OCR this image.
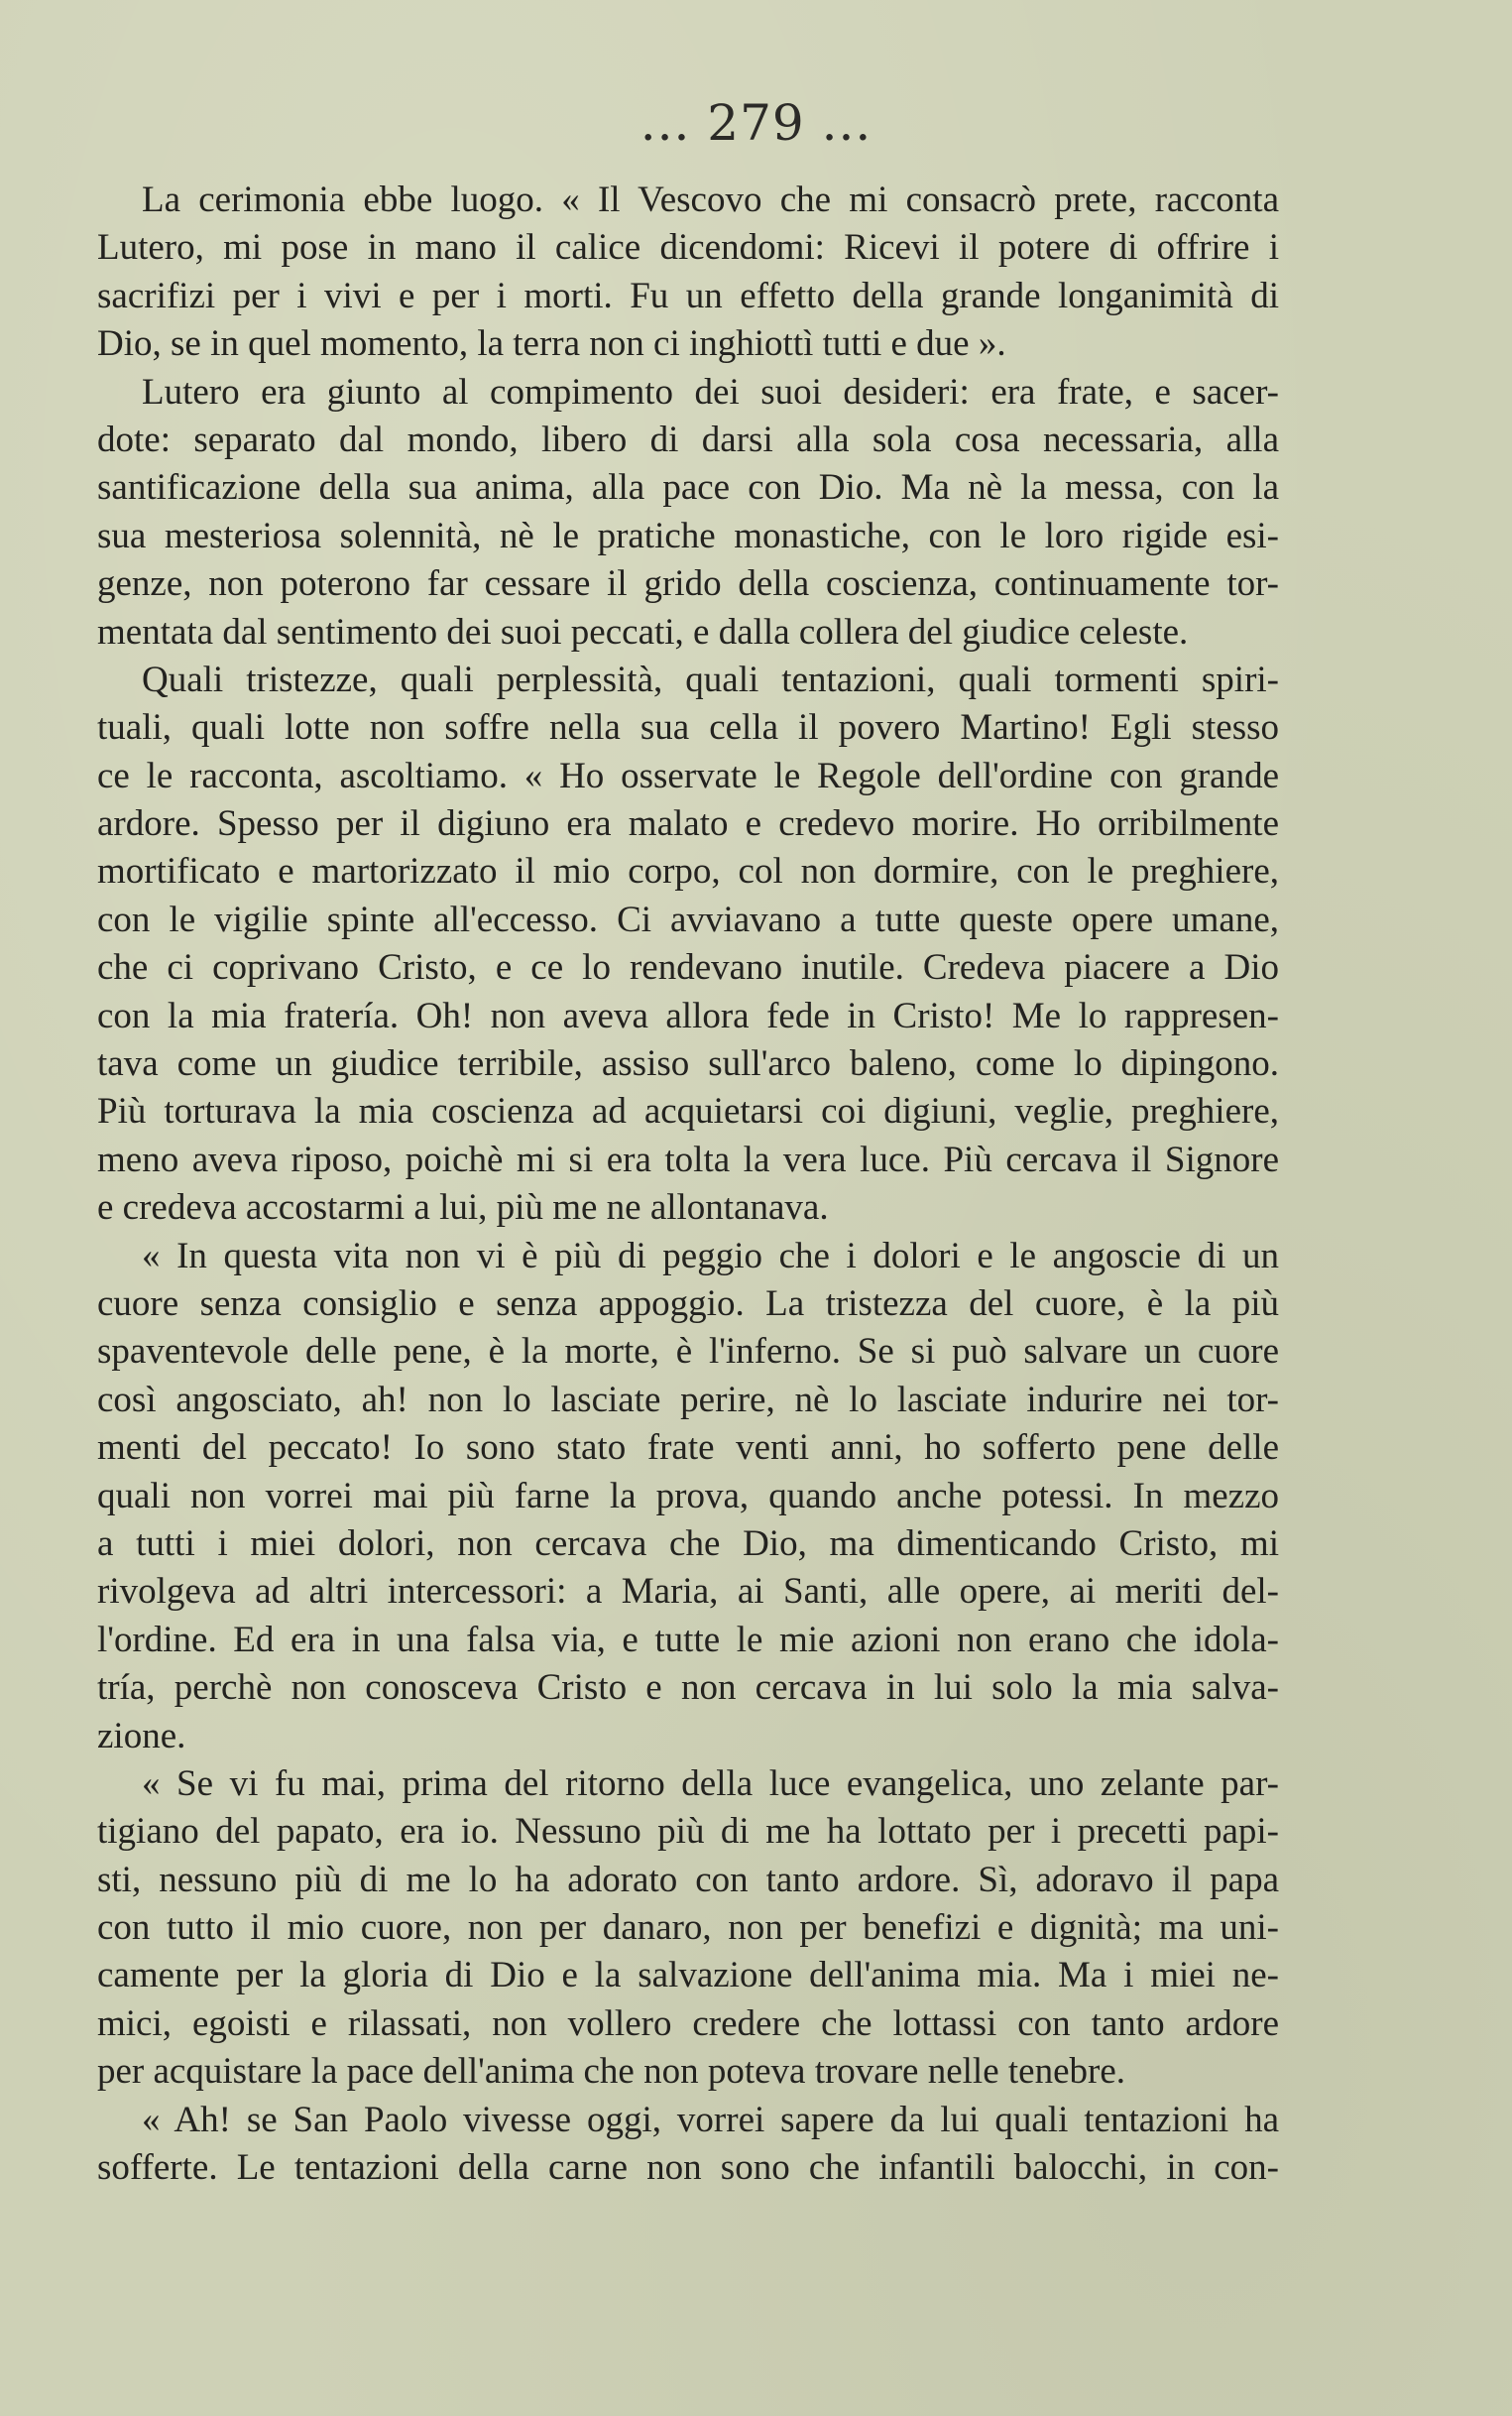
... 279 ...
La cerimonia ebbe luogo. « Il Vescovo che mi consacrò prete, racconta
Lutero, mi pose in mano il calice dicendomi: Ricevi il potere di offrire i
sacrifizi per i vivi e per i morti. Fu un effetto della grande longanimità di
Dio, se in quel momento, la terra non ci inghiottì tutti e due ».
Lutero era giunto al compimento dei suoi desideri: era frate, e sacer-
dote: separato dal mondo, libero di darsi alla sola cosa necessaria, alla
santificazione della sua anima, alla pace con Dio. Ma nè la messa, con la
sua mesteriosa solennità, nè le pratiche monastiche, con le loro rigide esi-
genze, non poterono far cessare il grido della coscienza, continuamente tor-
mentata dal sentimento dei suoi peccati, e dalla collera del giudice celeste.
Quali tristezze, quali perplessità, quali tentazioni, quali tormenti spiri-
tuali, quali lotte non soffre nella sua cella il povero Martino! Egli stesso
ce le racconta, ascoltiamo. « Ho osservate le Regole dell'ordine con grande
ardore. Spesso per il digiuno era malato e credevo morire. Ho orribilmente
mortificato e martorizzato il mio corpo, col non dormire, con le preghiere,
con le vigilie spinte all'eccesso. Ci avviavano a tutte queste opere umane,
che ci coprivano Cristo, e ce lo rendevano inutile. Credeva piacere a Dio
con la mia fratería. Oh! non aveva allora fede in Cristo! Me lo rappresen-
tava come un giudice terribile, assiso sull'arco baleno, come lo dipingono.
Più torturava la mia coscienza ad acquietarsi coi digiuni, veglie, preghiere,
meno aveva riposo, poichè mi si era tolta la vera luce. Più cercava il Signore
e credeva accostarmi a lui, più me ne allontanava.
« In questa vita non vi è più di peggio che i dolori e le angoscie di un
cuore senza consiglio e senza appoggio. La tristezza del cuore, è la più
spaventevole delle pene, è la morte, è l'inferno. Se si può salvare un cuore
così angosciato, ah! non lo lasciate perire, nè lo lasciate indurire nei tor-
menti del peccato! Io sono stato frate venti anni, ho sofferto pene delle
quali non vorrei mai più farne la prova, quando anche potessi. In mezzo
a tutti i miei dolori, non cercava che Dio, ma dimenticando Cristo, mi
rivolgeva ad altri intercessori: a Maria, ai Santi, alle opere, ai meriti del-
l'ordine. Ed era in una falsa via, e tutte le mie azioni non erano che idola-
tría, perchè non conosceva Cristo e non cercava in lui solo la mia salva-
zione.
« Se vi fu mai, prima del ritorno della luce evangelica, uno zelante par-
tigiano del papato, era io. Nessuno più di me ha lottato per i precetti papi-
sti, nessuno più di me lo ha adorato con tanto ardore. Sì, adoravo il papa
con tutto il mio cuore, non per danaro, non per benefizi e dignità; ma uni-
camente per la gloria di Dio e la salvazione dell'anima mia. Ma i miei ne-
mici, egoisti e rilassati, non vollero credere che lottassi con tanto ardore
per acquistare la pace dell'anima che non poteva trovare nelle tenebre.
« Ah! se San Paolo vivesse oggi, vorrei sapere da lui quali tentazioni ha
sofferte. Le tentazioni della carne non sono che infantili balocchi, in con-
